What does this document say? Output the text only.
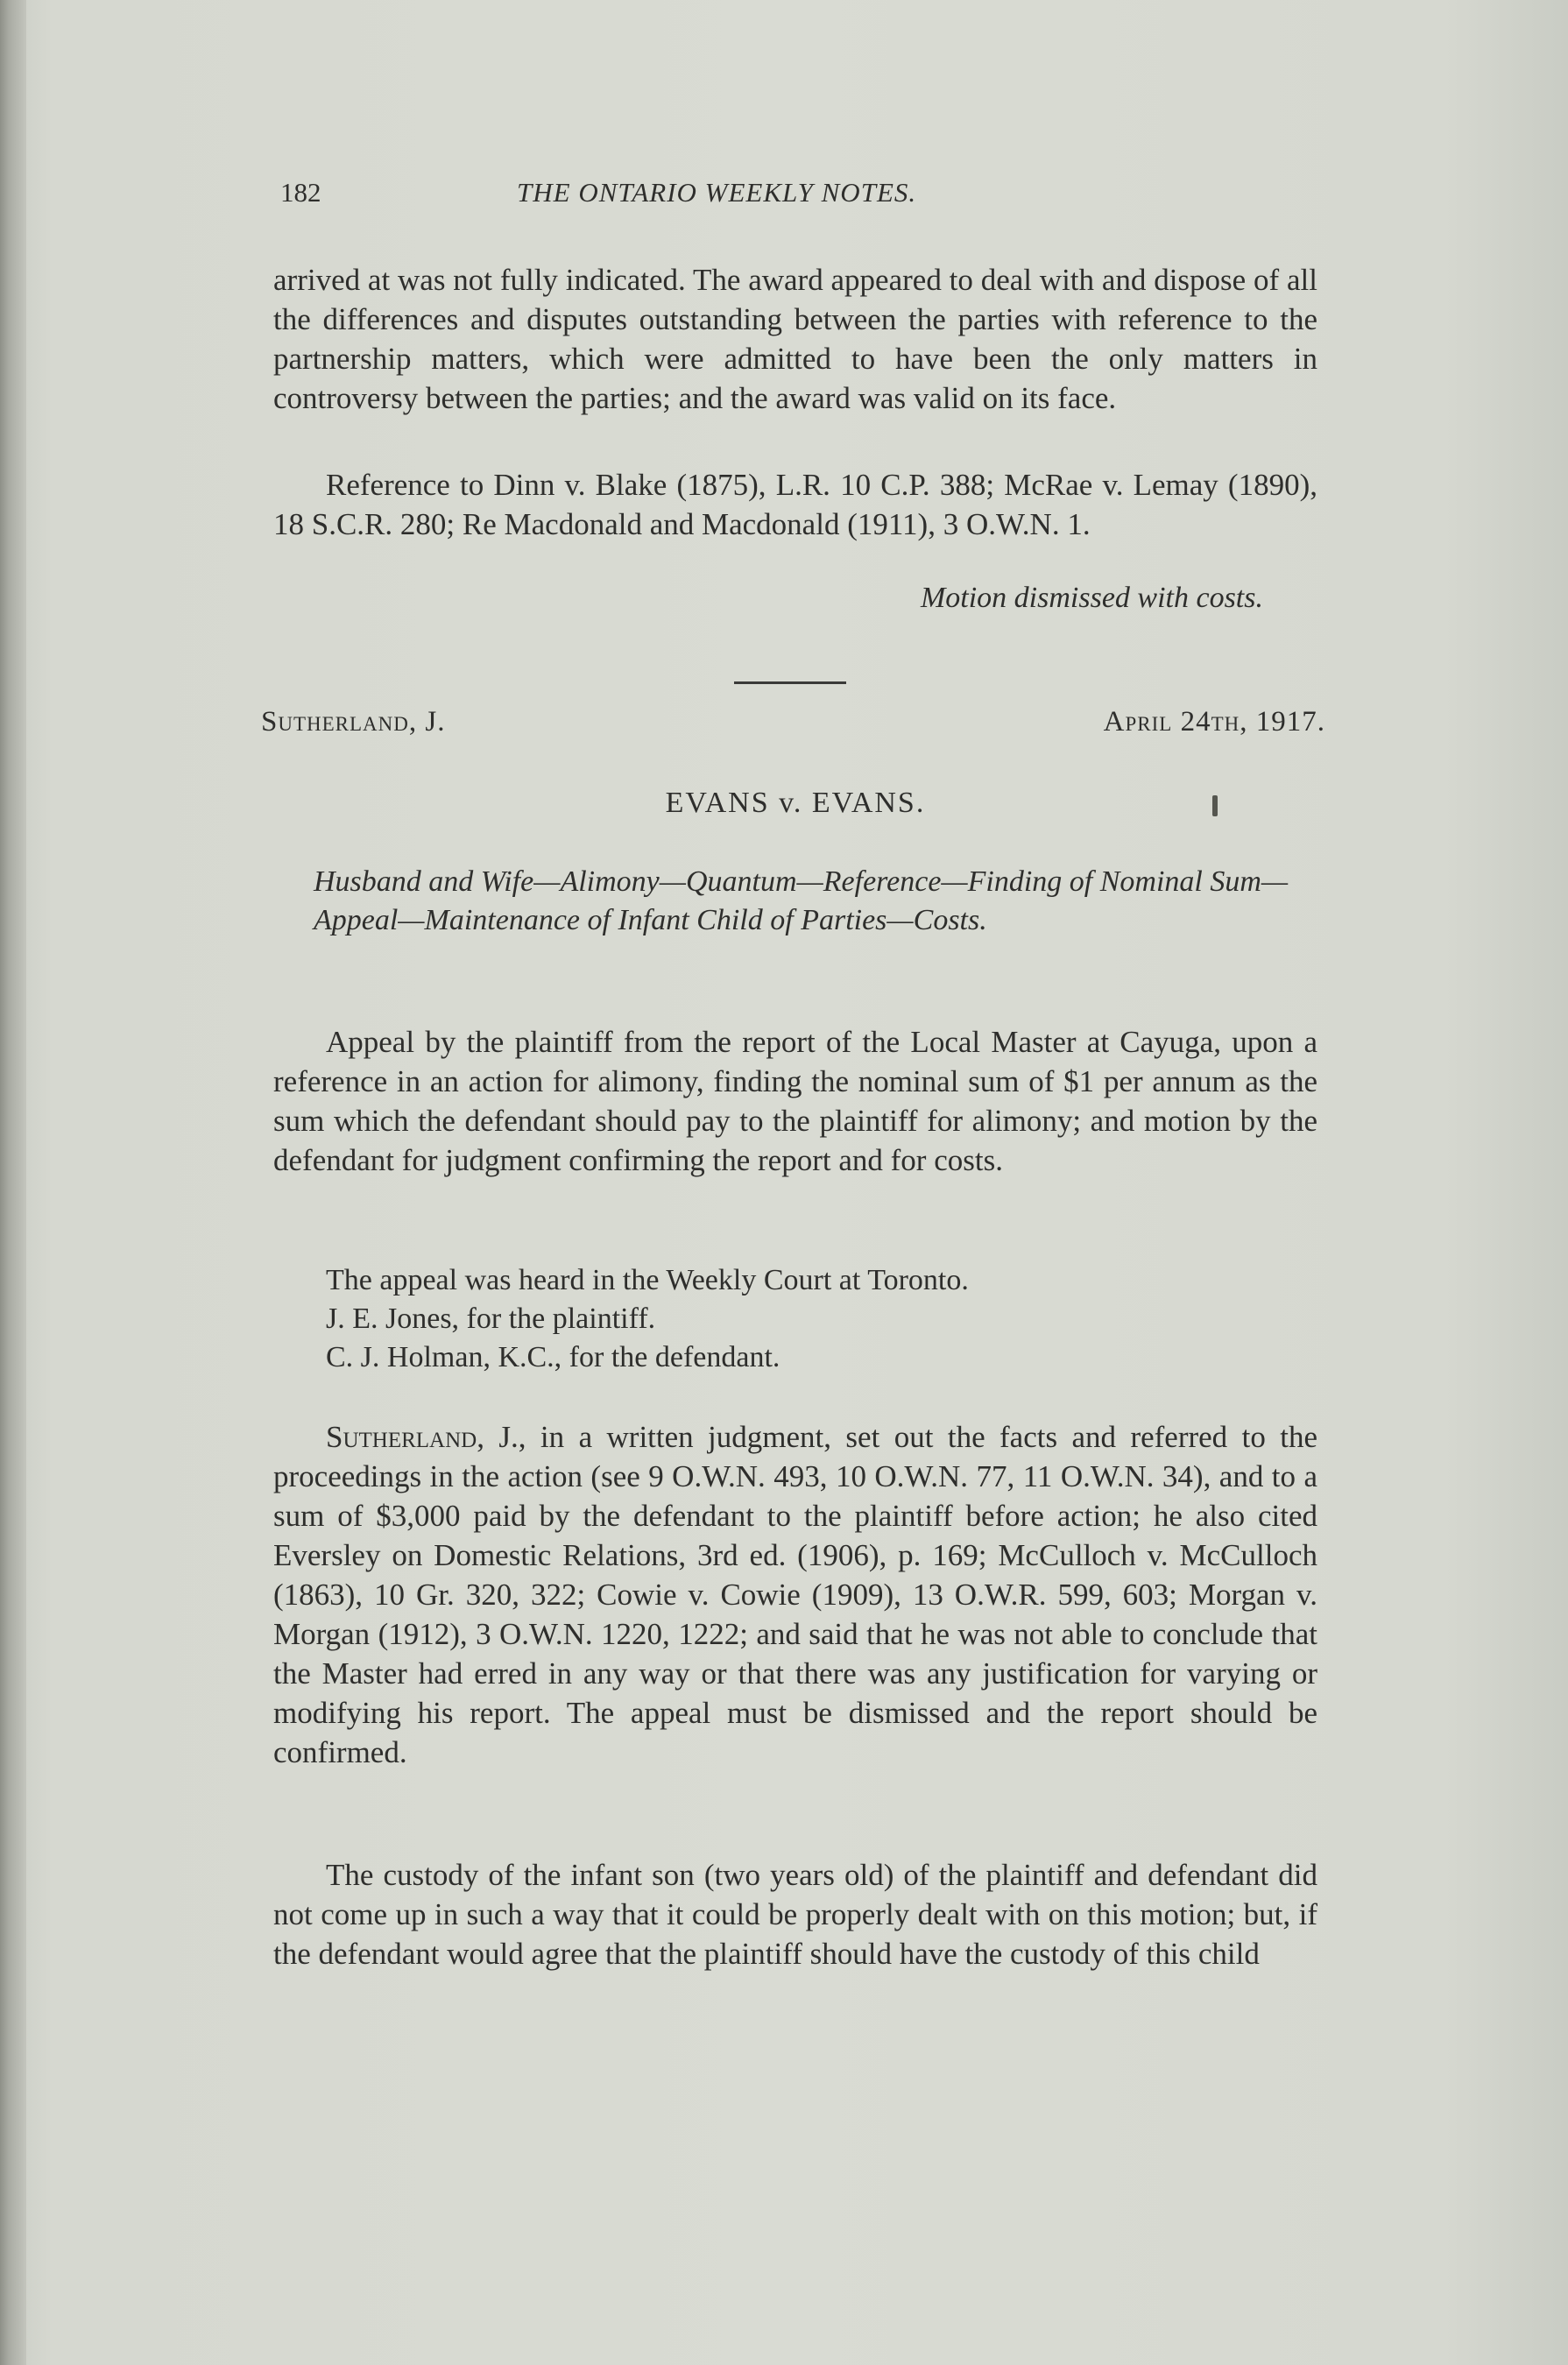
182	THE ONTARIO WEEKLY NOTES.

arrived at was not fully indicated. The award appeared to deal with and dispose of all the differences and disputes outstanding between the parties with reference to the partnership matters, which were admitted to have been the only matters in controversy between the parties; and the award was valid on its face.

Reference to Dinn v. Blake (1875), L.R. 10 C.P. 388; McRae v. Lemay (1890), 18 S.C.R. 280; Re Macdonald and Macdonald (1911), 3 O.W.N. 1.

Motion dismissed with costs.
Sutherland, J.	April 24th, 1917.
EVANS v. EVANS.

Husband and Wife—Alimony—Quantum—Reference—Finding of Nominal Sum—Appeal—Maintenance of Infant Child of Parties—Costs.

Appeal by the plaintiff from the report of the Local Master at Cayuga, upon a reference in an action for alimony, finding the nominal sum of $1 per annum as the sum which the defendant should pay to the plaintiff for alimony; and motion by the defendant for judgment confirming the report and for costs.

The appeal was heard in the Weekly Court at Toronto.

J. E. Jones, for the plaintiff.

C. J. Holman, K.C., for the defendant.

Sutherland, J., in a written judgment, set out the facts and referred to the proceedings in the action (see 9 O.W.N. 493, 10 O.W.N. 77, 11 O.W.N. 34), and to a sum of $3,000 paid by the defendant to the plaintiff before action; he also cited Eversley on Domestic Relations, 3rd ed. (1906), p. 169; McCulloch v. McCulloch (1863), 10 Gr. 320, 322; Cowie v. Cowie (1909), 13 O.W.R. 599, 603; Morgan v. Morgan (1912), 3 O.W.N. 1220, 1222; and said that he was not able to conclude that the Master had erred in any way or that there was any justification for varying or modifying his report. The appeal must be dismissed and the report should be confirmed.

The custody of the infant son (two years old) of the plaintiff and defendant did not come up in such a way that it could be properly dealt with on this motion; but, if the defendant would agree that the plaintiff should have the custody of this child
